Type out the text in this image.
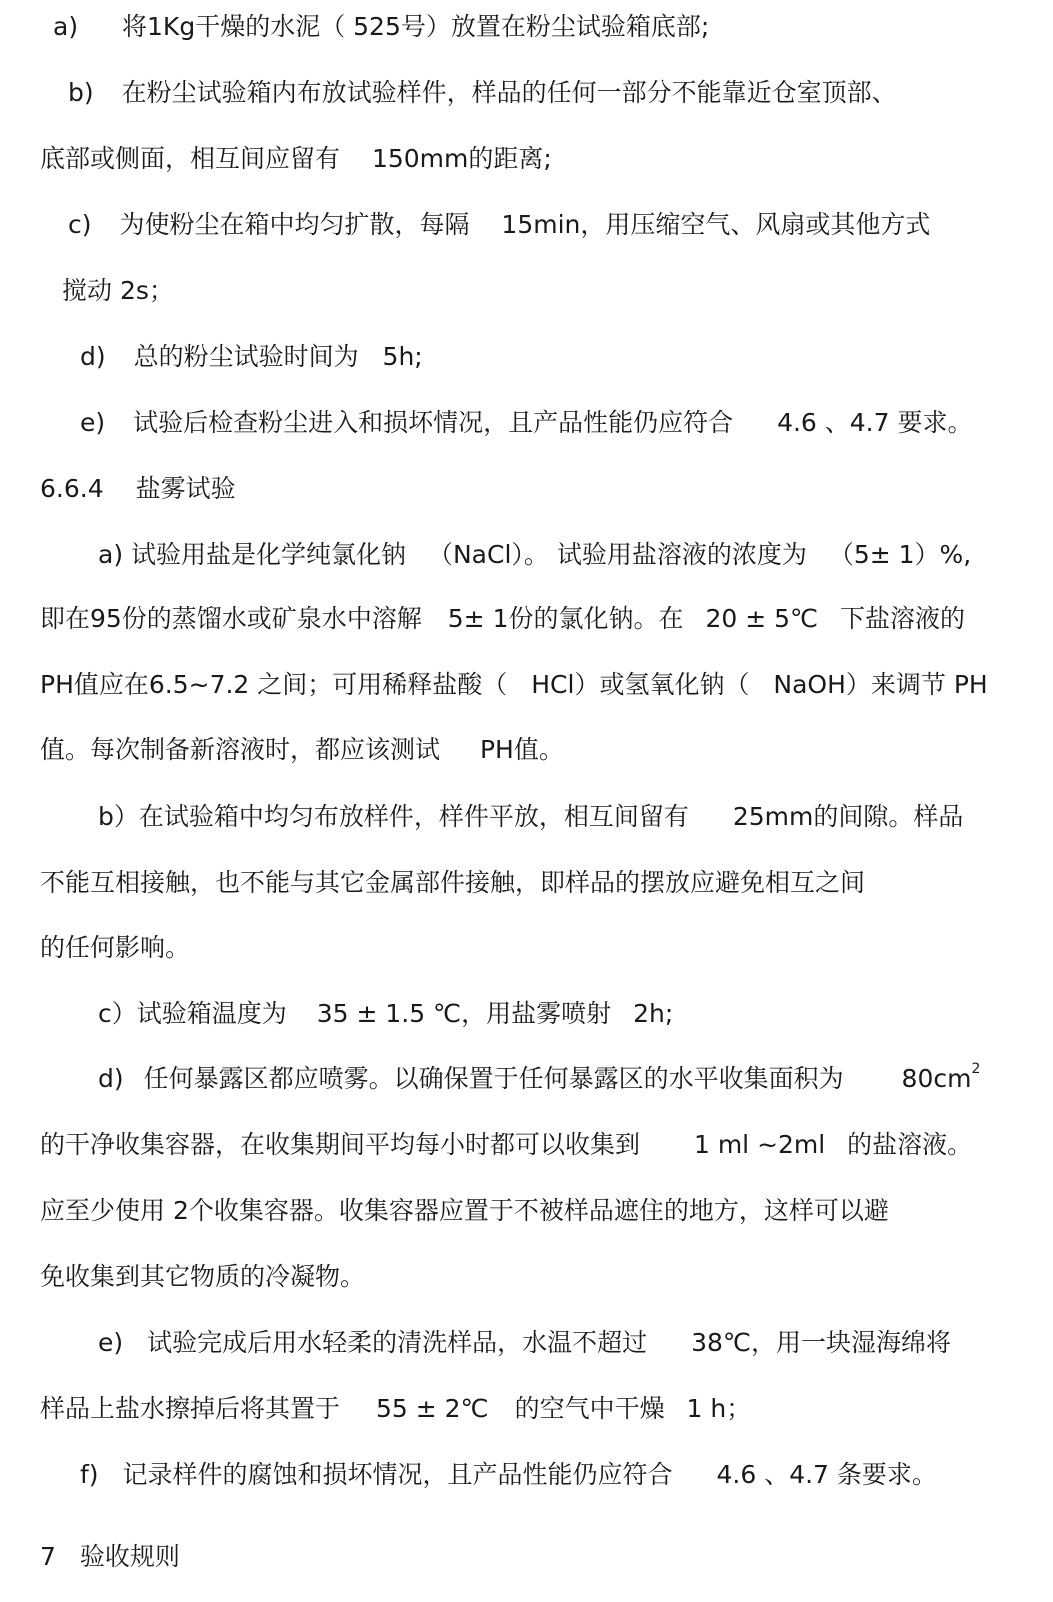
a) 将1Kg干燥的水泥（ 525号）放置在粉尘试验箱底部;
b) 在粉尘试验箱内布放试验样件，样品的任何一部分不能靠近仓室顶部、
底部或侧面，相互间应留有 150mm的距离;
c) 为使粉尘在箱中均匀扩散，每隔 15min，用压缩空气、风扇或其他方式
搅动 2s；
d) 总的粉尘试验时间为 5h;
e) 试验后检查粉尘进入和损坏情况，且产品性能仍应符合 4.6 、4.7 要求。
6.6.4 盐雾试验
a) 试验用盐是化学纯氯化钠 （NaCl）。 试验用盐溶液的浓度为 （5± 1）%,
即在95份的蒸馏水或矿泉水中溶解 5± 1份的氯化钠。在 20 ± 5℃ 下盐溶液的
PH值应在6.5~7.2 之间；可用稀释盐酸（ HCl）或氢氧化钠（ NaOH）来调节 PH
值。每次制备新溶液时，都应该测试 PH值。
b）在试验箱中均匀布放样件，样件平放，相互间留有 25mm的间隙。样品
不能互相接触，也不能与其它金属部件接触，即样品的摆放应避免相互之间
的任何影响。
c）试验箱温度为 35 ± 1.5 ℃，用盐雾喷射 2h;
d) 任何暴露区都应喷雾。以确保置于任何暴露区的水平收集面积为 80cm2
的干净收集容器，在收集期间平均每小时都可以收集到 1 ml ~2ml 的盐溶液。
应至少使用 2个收集容器。收集容器应置于不被样品遮住的地方，这样可以避
免收集到其它物质的冷凝物。
e) 试验完成后用水轻柔的清洗样品，水温不超过 38℃，用一块湿海绵将
样品上盐水擦掉后将其置于 55 ± 2℃ 的空气中干燥 1 h；
f) 记录样件的腐蚀和损坏情况，且产品性能仍应符合 4.6 、4.7 条要求。
7 验收规则
